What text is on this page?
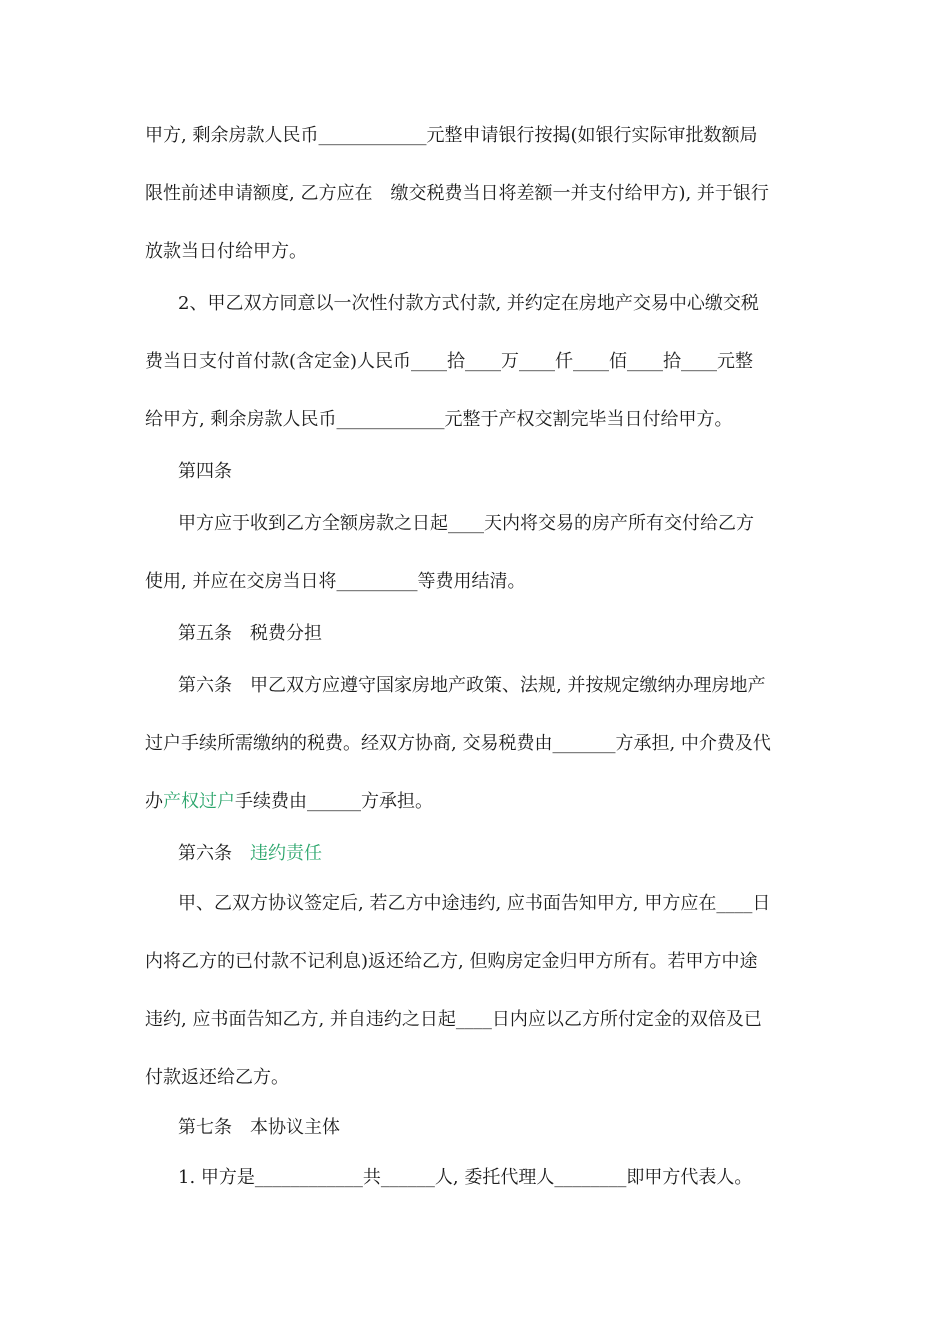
甲方, 剩余房款人民币____________元整申请银行按揭(如银行实际审批数额局
限性前述申请额度, 乙方应在　缴交税费当日将差额一并支付给甲方), 并于银行
放款当日付给甲方。
2、甲乙双方同意以一次性付款方式付款, 并约定在房地产交易中心缴交税
费当日支付首付款(含定金)人民币____拾____万____仟____佰____拾____元整
给甲方, 剩余房款人民币____________元整于产权交割完毕当日付给甲方。
第四条
甲方应于收到乙方全额房款之日起____天内将交易的房产所有交付给乙方
使用, 并应在交房当日将_________等费用结清。
第五条　税费分担
第六条　甲乙双方应遵守国家房地产政策、法规, 并按规定缴纳办理房地产
过户手续所需缴纳的税费。经双方协商, 交易税费由_______方承担, 中介费及代
办产权过户手续费由______方承担。
第六条　违约责任
甲、乙双方协议签定后, 若乙方中途违约, 应书面告知甲方, 甲方应在____日
内将乙方的已付款不记利息)返还给乙方, 但购房定金归甲方所有。若甲方中途
违约, 应书面告知乙方, 并自违约之日起____日内应以乙方所付定金的双倍及已
付款返还给乙方。
第七条　本协议主体
1. 甲方是____________共______人, 委托代理人________即甲方代表人。
